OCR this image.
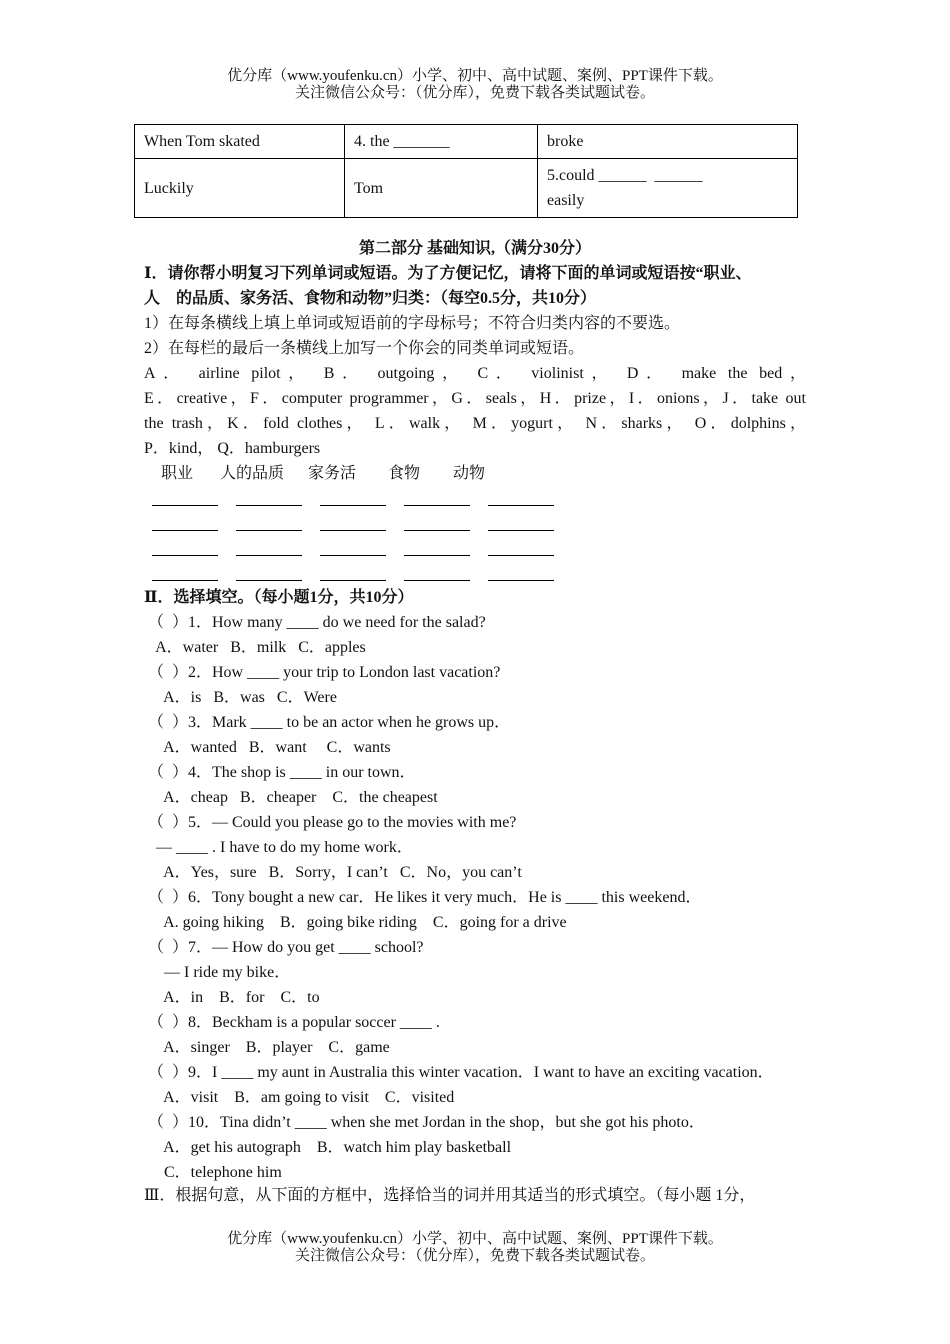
优分库（www.youfenku.cn）小学、初中、高中试题、案例、PPT课件下载。
关注微信公众号：（优分库），免费下载各类试题试卷。
When Tom skated	4. the _______	broke
Luckily	Tom	5.could ______  ______
easily
第二部分 基础知识,（满分30分）
Ⅰ．请你帮小明复习下列单词或短语。为了方便记忆，请将下面的单词或短语按“职业、
人    的品质、家务活、食物和动物”归类：（每空0.5分，共10分）
1）在每条横线上填上单词或短语前的字母标号；不符合归类内容的不要选。
2）在每栏的最后一条横线上加写一个你会的同类单词或短语。
A． airline pilot， B． outgoing， C． violinist， D． make the bed，
E．creative，F．computer programmer，G．seals，H．prize，I．onions，J．take out
the trash，K．fold clothes， L．walk， M．yogurt， N．sharks， O．dolphins，
P．kind， Q．hamburgers
职业 人的品质 家务活 食物 动物
Ⅱ．选择填空。（每小题1分，共10分）
（  ）1．How many ____ do we need for the salad?
A．water   B．milk   C．apples
（  ）2．How ____ your trip to London last vacation?
A．is   B．was   C．Were
（  ）3．Mark ____ to be an actor when he grows up．
A．wanted   B．want     C．wants
（  ）4．The shop is ____ in our town．
A．cheap   B．cheaper    C．the cheapest
（  ）5．— Could you please go to the movies with me?
— ____ . I have to do my home work．
A．Yes，sure   B．Sorry，I can’t   C．No，you can’t
（  ）6．Tony bought a new car．He likes it very much．He is ____ this weekend．
A. going hiking    B．going bike riding    C．going for a drive
（  ）7．— How do you get ____ school?
— I ride my bike．
A．in    B．for    C．to
（  ）8．Beckham is a popular soccer ____ .
A．singer    B．player    C．game
（  ）9．I ____ my aunt in Australia this winter vacation．I want to have an exciting vacation．
A．visit    B．am going to visit    C．visited
（  ）10．Tina didn’t ____ when she met Jordan in the shop，but she got his photo．
A．get his autograph    B．watch him play basketball
C．telephone him
Ⅲ．根据句意，从下面的方框中，选择恰当的词并用其适当的形式填空。（每小题 1分，
优分库（www.youfenku.cn）小学、初中、高中试题、案例、PPT课件下载。
关注微信公众号：（优分库），免费下载各类试题试卷。
